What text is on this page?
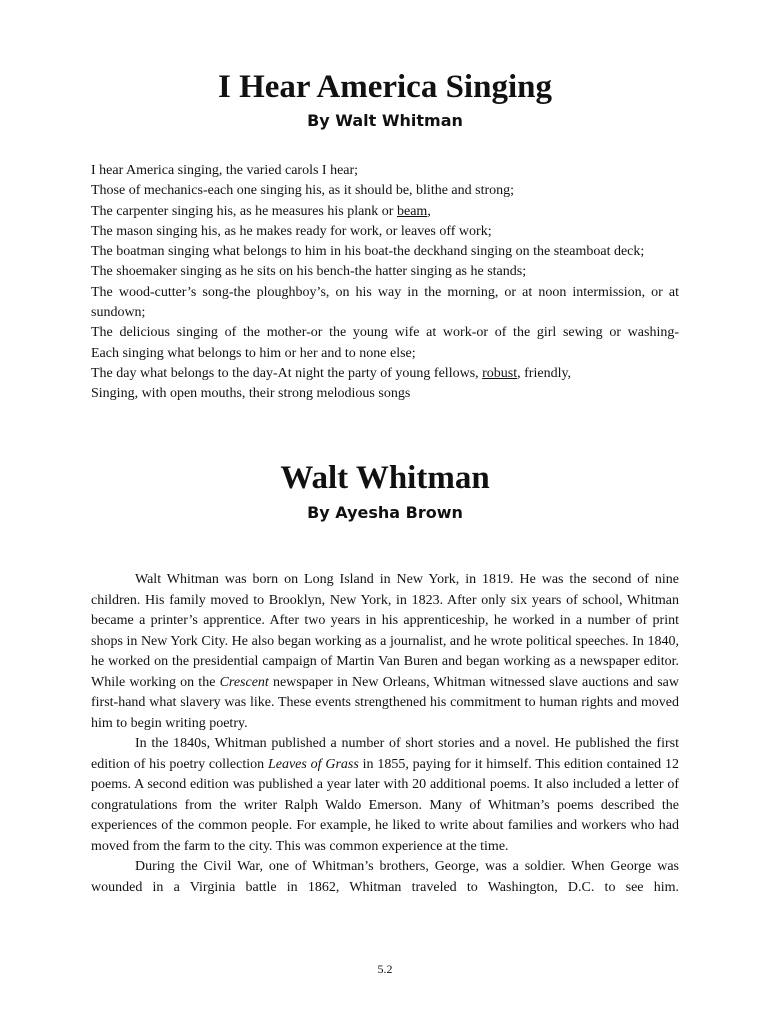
I Hear America Singing
By Walt Whitman
I hear America singing, the varied carols I hear;
Those of mechanics-each one singing his, as it should be, blithe and strong;
The carpenter singing his, as he measures his plank or beam,
The mason singing his, as he makes ready for work, or leaves off work;
The boatman singing what belongs to him in his boat-the deckhand singing on the steamboat deck;
The shoemaker singing as he sits on his bench-the hatter singing as he stands;
The wood-cutter’s song-the ploughboy’s, on his way in the morning, or at noon intermission, or at sundown;
The delicious singing of the mother-or the young wife at work-or of the girl sewing or washing-
Each singing what belongs to him or her and to none else;
The day what belongs to the day-At night the party of young fellows, robust, friendly,
Singing, with open mouths, their strong melodious songs
Walt Whitman
By Ayesha Brown

Walt Whitman was born on Long Island in New York, in 1819. He was the second of nine children. His family moved to Brooklyn, New York, in 1823. After only six years of school, Whitman became a printer’s apprentice. After two years in his apprenticeship, he worked in a number of print shops in New York City. He also began working as a journalist, and he wrote political speeches. In 1840, he worked on the presidential campaign of Martin Van Buren and began working as a newspaper editor. While working on the Crescent newspaper in New Orleans, Whitman witnessed slave auctions and saw first-hand what slavery was like. These events strengthened his commitment to human rights and moved him to begin writing poetry.

In the 1840s, Whitman published a number of short stories and a novel. He published the first edition of his poetry collection Leaves of Grass in 1855, paying for it himself. This edition contained 12 poems. A second edition was published a year later with 20 additional poems. It also included a letter of congratulations from the writer Ralph Waldo Emerson. Many of Whitman’s poems described the experiences of the common people. For example, he liked to write about families and workers who had moved from the farm to the city. This was common experience at the time.

During the Civil War, one of Whitman’s brothers, George, was a soldier. When George was wounded in a Virginia battle in 1862, Whitman traveled to Washington, D.C. to see him.

5.2
